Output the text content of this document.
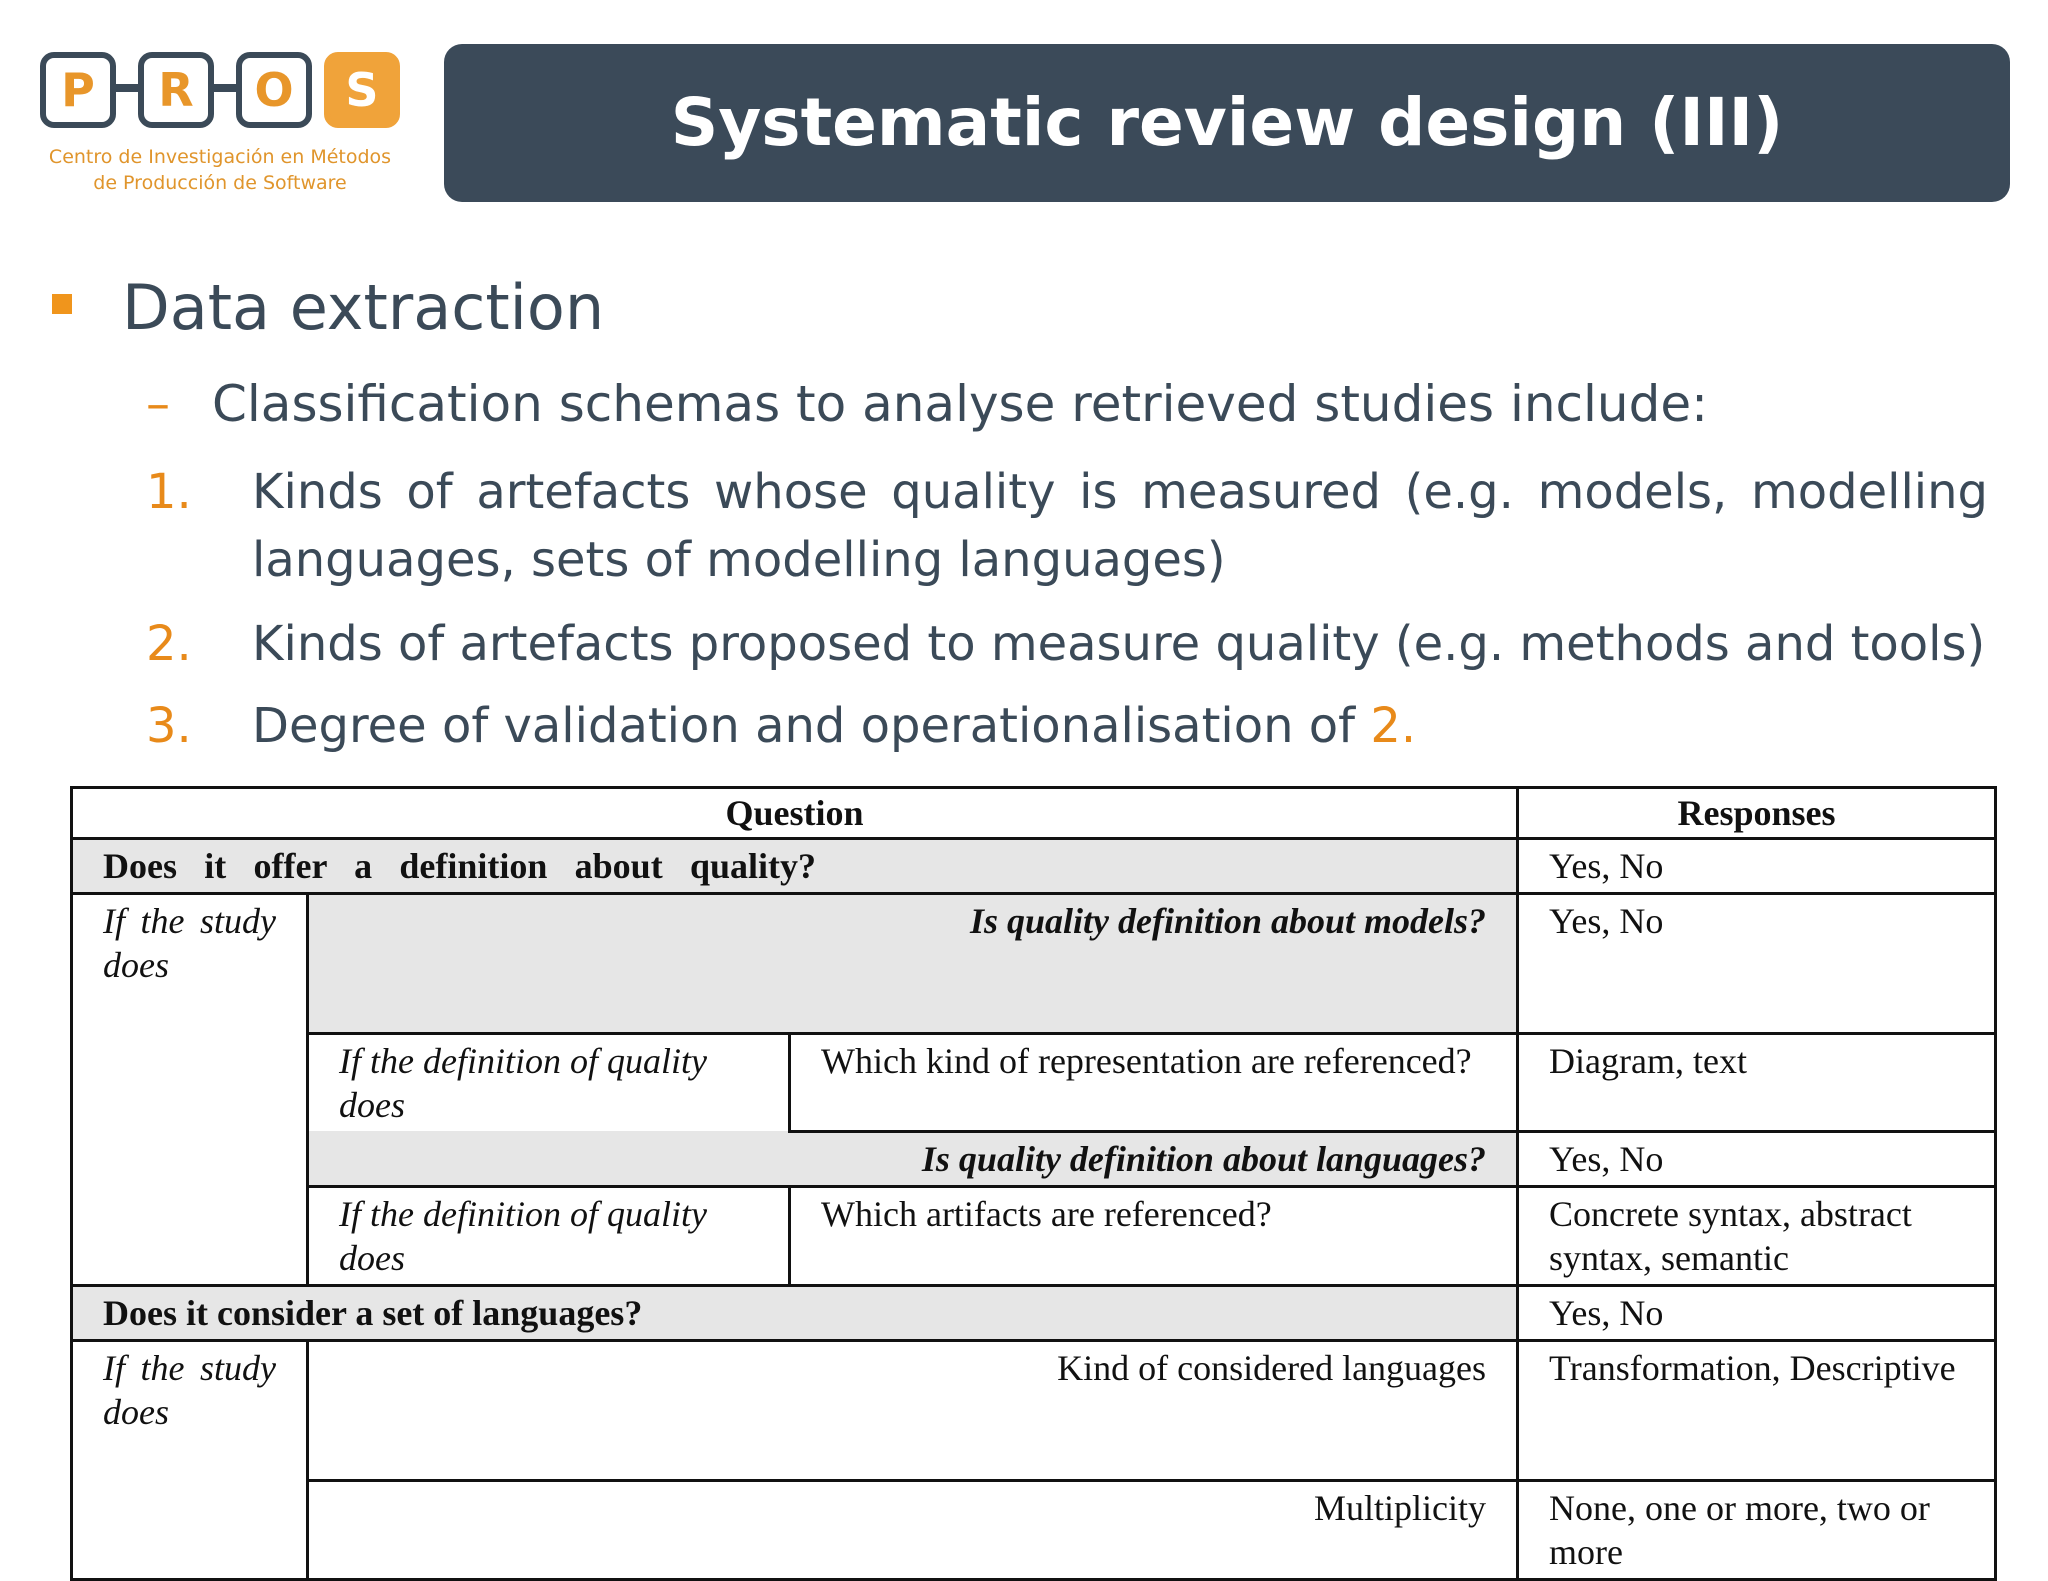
P	R	O	S
Centro de Investigación en Métodos
de Producción de Software
Systematic review design (III)
Data extraction
– Classification schemas to analyse retrieved studies include:
1. Kinds of artefacts whose quality is measured (e.g. models, modelling languages, sets of modelling languages)
2. Kinds of artefacts proposed to measure quality (e.g. methods and tools)
3. Degree of validation and operationalisation of 2.
Question			Responses
Does it offer a definition about quality?			Yes, No
If the study does	Is quality definition about models?		Yes, No
	If the definition of quality does	Which kind of representation are referenced?	Diagram, text
	Is quality definition about languages?		Yes, No
	If the definition of quality does	Which artifacts are referenced?	Concrete syntax, abstract syntax, semantic
Does it consider a set of languages?			Yes, No
If the study does	Kind of considered languages		Transformation, Descriptive
	Multiplicity		None, one or more, two or more
